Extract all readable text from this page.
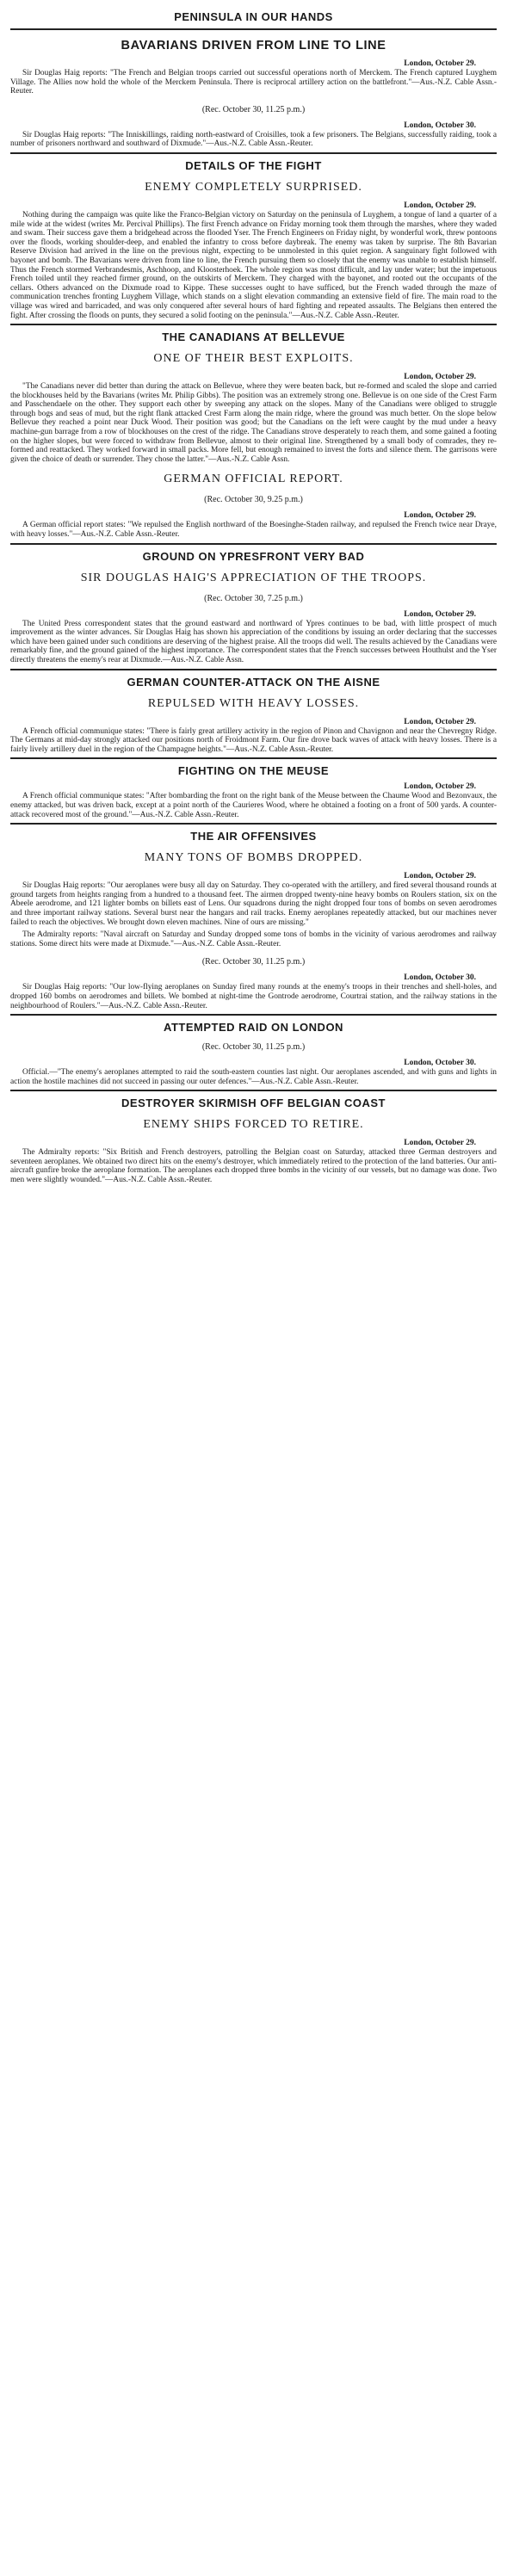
PENINSULA IN OUR HANDS
BAVARIANS DRIVEN FROM LINE TO LINE
London, October 29.

Sir Douglas Haig reports: "The French and Belgian troops carried out successful operations north of Merckem. The French captured Luyghem Village. The Allies now hold the whole of the Merckem Peninsula. There is reciprocal artillery action on the battlefront."—Aus.-N.Z. Cable Assn.-Reuter.

(Rec. October 30, 11.25 p.m.)
London, October 30.

Sir Douglas Haig reports: "The Inniskillings, raiding north-eastward of Croisilles, took a few prisoners. The Belgians, successfully raiding, took a number of prisoners northward and southward of Dixmude."—Aus.-N.Z. Cable Assn.-Reuter.

DETAILS OF THE FIGHT
ENEMY COMPLETELY SURPRISED.
London, October 29.

Nothing during the campaign was quite like the Franco-Belgian victory on Saturday on the peninsula of Luyghem, a tongue of land a quarter of a mile wide at the widest (writes Mr. Percival Phillips). The first French advance on Friday morning took them through the marshes, where they waded and swam. Their success gave them a bridgehead across the flooded Yser. The French Engineers on Friday night, by wonderful work, threw pontoons over the floods, working shoulder-deep, and enabled the infantry to cross before daybreak. The enemy was taken by surprise. The 8th Bavarian Reserve Division had arrived in the line on the previous night, expecting to be unmolested in this quiet region. A sanguinary fight followed with bayonet and bomb. The Bavarians were driven from line to line, the French pursuing them so closely that the enemy was unable to establish himself. Thus the French stormed Verbrandesmis, Aschhoop, and Kloosterhoek. The whole region was most difficult, and lay under water; but the impetuous French toiled until they reached firmer ground, on the outskirts of Merckem. They charged with the bayonet, and rooted out the occupants of the cellars. Others advanced on the Dixmude road to Kippe. These successes ought to have sufficed, but the French waded through the maze of communication trenches fronting Luyghem Village, which stands on a slight elevation commanding an extensive field of fire. The main road to the village was wired and barricaded, and was only conquered after several hours of hard fighting and repeated assaults. The Belgians then entered the fight. After crossing the floods on punts, they secured a solid footing on the peninsula."—Aus.-N.Z. Cable Assn.-Reuter.

THE CANADIANS AT BELLEVUE
ONE OF THEIR BEST EXPLOITS.
London, October 29.

"The Canadians never did better than during the attack on Bellevue, where they were beaten back, but re-formed and scaled the slope and carried the blockhouses held by the Bavarians (writes Mr. Philip Gibbs). The position was an extremely strong one. Bellevue is on one side of the Crest Farm and Passchendaele on the other. They support each other by sweeping any attack on the slopes. Many of the Canadians were obliged to struggle through bogs and seas of mud, but the right flank attacked Crest Farm along the main ridge, where the ground was much better. On the slope below Bellevue they reached a point near Duck Wood. Their position was good; but the Canadians on the left were caught by the mud under a heavy machine-gun barrage from a row of blockhouses on the crest of the ridge. The Canadians strove desperately to reach them, and some gained a footing on the higher slopes, but were forced to withdraw from Bellevue, almost to their original line. Strengthened by a small body of comrades, they re-formed and reattacked. They worked forward in small packs. More fell, but enough remained to invest the forts and silence them. The garrisons were given the choice of death or surrender. They chose the latter."—Aus.-N.Z. Cable Assn.

GERMAN OFFICIAL REPORT.
(Rec. October 30, 9.25 p.m.)
London, October 29.

A German official report states: "We repulsed the English northward of the Boesinghe-Staden railway, and repulsed the French twice near Draye, with heavy losses."—Aus.-N.Z. Cable Assn.-Reuter.

GROUND ON YPRESFRONT VERY BAD
SIR DOUGLAS HAIG'S APPRECIATION OF THE TROOPS.
(Rec. October 30, 7.25 p.m.)
London, October 29.

The United Press correspondent states that the ground eastward and northward of Ypres continues to be bad, with little prospect of much improvement as the winter advances. Sir Douglas Haig has shown his appreciation of the conditions by issuing an order declaring that the successes which have been gained under such conditions are deserving of the highest praise. All the troops did well. The results achieved by the Canadians were remarkably fine, and the ground gained of the highest importance. The correspondent states that the French successes between Houthulst and the Yser directly threatens the enemy's rear at Dixmude.—Aus.-N.Z. Cable Assn.

GERMAN COUNTER-ATTACK ON THE AISNE
REPULSED WITH HEAVY LOSSES.
London, October 29.

A French official communique states: "There is fairly great artillery activity in the region of Pinon and Chavignon and near the Chevregny Ridge. The Germans at mid-day strongly attacked our positions north of Froidmont Farm. Our fire drove back waves of attack with heavy losses. There is a fairly lively artillery duel in the region of the Champagne heights."—Aus.-N.Z. Cable Assn.-Reuter.

FIGHTING ON THE MEUSE
London, October 29.

A French official communique states: "After bombarding the front on the right bank of the Meuse between the Chaume Wood and Bezonvaux, the enemy attacked, but was driven back, except at a point north of the Caurieres Wood, where he obtained a footing on a front of 500 yards. A counter-attack recovered most of the ground."—Aus.-N.Z. Cable Assn.-Reuter.

THE AIR OFFENSIVES
MANY TONS OF BOMBS DROPPED.
London, October 29.

Sir Douglas Haig reports: "Our aeroplanes were busy all day on Saturday. They co-operated with the artillery, and fired several thousand rounds at ground targets from heights ranging from a hundred to a thousand feet. The airmen dropped twenty-nine heavy bombs on Roulers station, six on the Abeele aerodrome, and 121 lighter bombs on billets east of Lens. Our squadrons during the night dropped four tons of bombs on seven aerodromes and three important railway stations. Several burst near the hangars and rail tracks. Enemy aeroplanes repeatedly attacked, but our machines never failed to reach the objectives. We brought down eleven machines. Nine of ours are missing."

The Admiralty reports: "Naval aircraft on Saturday and Sunday dropped some tons of bombs in the vicinity of various aerodromes and railway stations. Some direct hits were made at Dixmude."—Aus.-N.Z. Cable Assn.-Reuter.

(Rec. October 30, 11.25 p.m.)
London, October 30.

Sir Douglas Haig reports: "Our low-flying aeroplanes on Sunday fired many rounds at the enemy's troops in their trenches and shell-holes, and dropped 160 bombs on aerodromes and billets. We bombed at night-time the Gontrode aerodrome, Courtrai station, and the railway stations in the neighbourhood of Roulers."—Aus.-N.Z. Cable Assn.-Reuter.

ATTEMPTED RAID ON LONDON
(Rec. October 30, 11.25 p.m.)
London, October 30.

Official.—"The enemy's aeroplanes attempted to raid the south-eastern counties last night. Our aeroplanes ascended, and with guns and lights in action the hostile machines did not succeed in passing our outer defences."—Aus.-N.Z. Cable Assn.-Reuter.

DESTROYER SKIRMISH OFF BELGIAN COAST
ENEMY SHIPS FORCED TO RETIRE.
London, October 29.

The Admiralty reports: "Six British and French destroyers, patrolling the Belgian coast on Saturday, attacked three German destroyers and seventeen aeroplanes. We obtained two direct hits on the enemy's destroyer, which immediately retired to the protection of the land batteries. Our anti-aircraft gunfire broke the aeroplane formation. The aeroplanes each dropped three bombs in the vicinity of our vessels, but no damage was done. Two men were slightly wounded."—Aus.-N.Z. Cable Assn.-Reuter.
